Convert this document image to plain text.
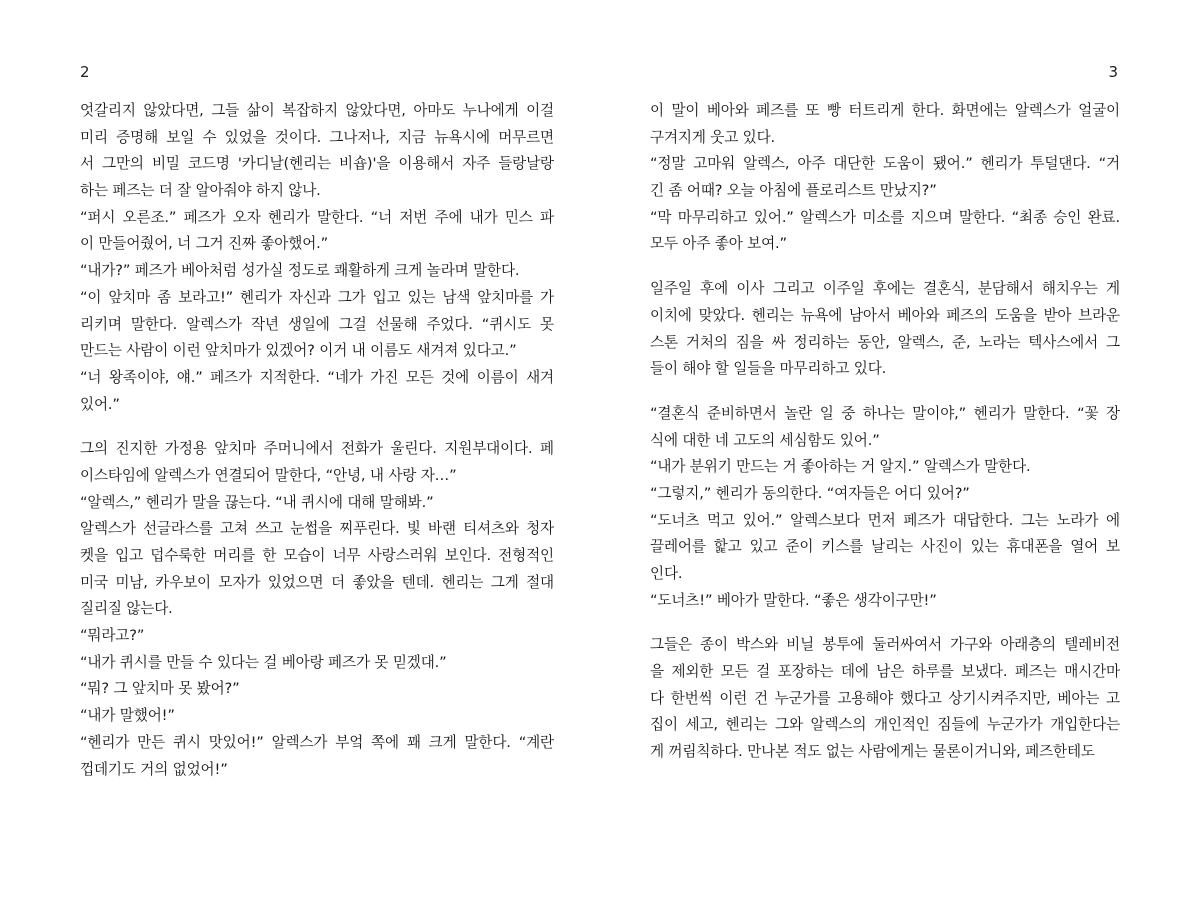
2
엇갈리지 않았다면, 그들 삶이 복잡하지 않았다면, 아마도 누나에게 이걸
미리 증명해 보일 수 있었을 것이다. 그나저나, 지금 뉴욕시에 머무르면
서 그만의 비밀 코드명 '카디날(헨리는 비숍)'을 이용해서 자주 들랑날랑
하는 페즈는 더 잘 알아줘야 하지 않나.
“퍼시 오른조.” 페즈가 오자 헨리가 말한다. “너 저번 주에 내가 민스 파
이 만들어줬어, 너 그거 진짜 좋아했어.”
“내가?” 페즈가 베아처럼 성가실 정도로 쾌활하게 크게 놀라며 말한다.
“이 앞치마 좀 보라고!” 헨리가 자신과 그가 입고 있는 남색 앞치마를 가
리키며 말한다. 알렉스가 작년 생일에 그걸 선물해 주었다. “퀴시도 못
만드는 사람이 이런 앞치마가 있겠어? 이거 내 이름도 새겨져 있다고.”
“너 왕족이야, 얘.” 페즈가 지적한다. “네가 가진 모든 것에 이름이 새겨
있어.”
그의 진지한 가정용 앞치마 주머니에서 전화가 울린다. 지원부대이다. 페
이스타임에 알렉스가 연결되어 말한다, “안녕, 내 사랑 자…”
“알렉스,” 헨리가 말을 끊는다. “내 퀴시에 대해 말해봐.”
알렉스가 선글라스를 고쳐 쓰고 눈썹을 찌푸린다. 빛 바랜 티셔츠와 청자
켓을 입고 덥수룩한 머리를 한 모습이 너무 사랑스러워 보인다. 전형적인
미국 미남, 카우보이 모자가 있었으면 더 좋았을 텐데. 헨리는 그게 절대
질리질 않는다.
“뭐라고?”
“내가 퀴시를 만들 수 있다는 걸 베아랑 페즈가 못 믿겠대.”
“뭐? 그 앞치마 못 봤어?”
“내가 말했어!”
“헨리가 만든 퀴시 맛있어!” 알렉스가 부엌 쪽에 꽤 크게 말한다. “계란
껍데기도 거의 없었어!”
3
이 말이 베아와 페즈를 또 빵 터트리게 한다. 화면에는 알렉스가 얼굴이
구겨지게 웃고 있다.
“정말 고마워 알렉스, 아주 대단한 도움이 됐어.” 헨리가 투덜댄다. “거
긴 좀 어때? 오늘 아침에 플로리스트 만났지?”
“막 마무리하고 있어.” 알렉스가 미소를 지으며 말한다. “최종 승인 완료.
모두 아주 좋아 보여.”
일주일 후에 이사 그리고 이주일 후에는 결혼식, 분담해서 해치우는 게
이치에 맞았다. 헨리는 뉴욕에 남아서 베아와 페즈의 도움을 받아 브라운
스톤 거처의 짐을 싸 정리하는 동안, 알렉스, 준, 노라는 텍사스에서 그
들이 해야 할 일들을 마무리하고 있다.
“결혼식 준비하면서 놀란 일 중 하나는 말이야,” 헨리가 말한다. “꽃 장
식에 대한 네 고도의 세심함도 있어.”
“내가 분위기 만드는 거 좋아하는 거 알지.” 알렉스가 말한다.
“그렇지,” 헨리가 동의한다. “여자들은 어디 있어?”
“도너츠 먹고 있어.” 알렉스보다 먼저 페즈가 대답한다. 그는 노라가 에
끌레어를 핥고 있고 준이 키스를 날리는 사진이 있는 휴대폰을 열어 보
인다.
“도너츠!” 베아가 말한다. “좋은 생각이구만!”
그들은 종이 박스와 비닐 봉투에 둘러싸여서 가구와 아래층의 텔레비전
을 제외한 모든 걸 포장하는 데에 남은 하루를 보냈다. 페즈는 매시간마
다 한번씩 이런 건 누군가를 고용해야 했다고 상기시켜주지만, 베아는 고
집이 세고, 헨리는 그와 알렉스의 개인적인 짐들에 누군가가 개입한다는
게 꺼림칙하다. 만나본 적도 없는 사람에게는 물론이거니와, 페즈한테도
